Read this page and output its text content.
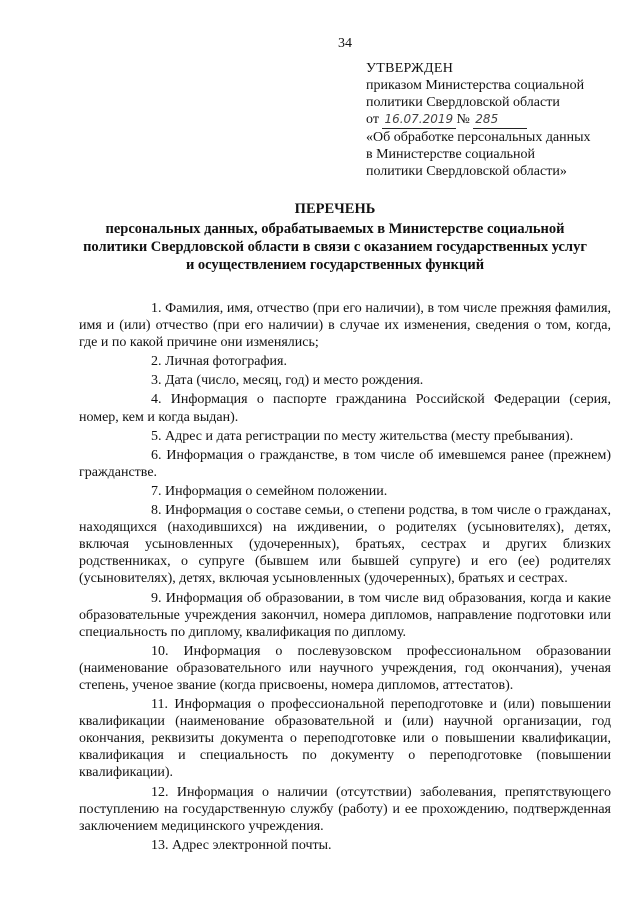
34
УТВЕРЖДЕН
приказом Министерства социальной
политики Свердловской области
от 16.07.2019 № 285
«Об обработке персональных данных
в Министерстве социальной
политики Свердловской области»
ПЕРЕЧЕНЬ
персональных данных, обрабатываемых в Министерстве социальной политики Свердловской области в связи с оказанием государственных услуг и осуществлением государственных функций
1. Фамилия, имя, отчество (при его наличии), в том числе прежняя фамилия, имя и (или) отчество (при его наличии) в случае их изменения, сведения о том, когда, где и по какой причине они изменялись;
2. Личная фотография.
3. Дата (число, месяц, год) и место рождения.
4. Информация о паспорте гражданина Российской Федерации (серия, номер, кем и когда выдан).
5. Адрес и дата регистрации по месту жительства (месту пребывания).
6. Информация о гражданстве, в том числе об имевшемся ранее (прежнем) гражданстве.
7. Информация о семейном положении.
8. Информация о составе семьи, о степени родства, в том числе о гражданах, находящихся (находившихся) на иждивении, о родителях (усыновителях), детях, включая усыновленных (удочеренных), братьях, сестрах и других близких родственниках, о супруге (бывшем или бывшей супруге) и его (ее) родителях (усыновителях), детях, включая усыновленных (удочеренных), братьях и сестрах.
9. Информация об образовании, в том числе вид образования, когда и какие образовательные учреждения закончил, номера дипломов, направление подготовки или специальность по диплому, квалификация по диплому.
10. Информация о послевузовском профессиональном образовании (наименование образовательного или научного учреждения, год окончания), ученая степень, ученое звание (когда присвоены, номера дипломов, аттестатов).
11. Информация о профессиональной переподготовке и (или) повышении квалификации (наименование образовательной и (или) научной организации, год окончания, реквизиты документа о переподготовке или о повышении квалификации, квалификация и специальность по документу о переподготовке (повышении квалификации).
12. Информация о наличии (отсутствии) заболевания, препятствующего поступлению на государственную службу (работу) и ее прохождению, подтвержденная заключением медицинского учреждения.
13. Адрес электронной почты.
